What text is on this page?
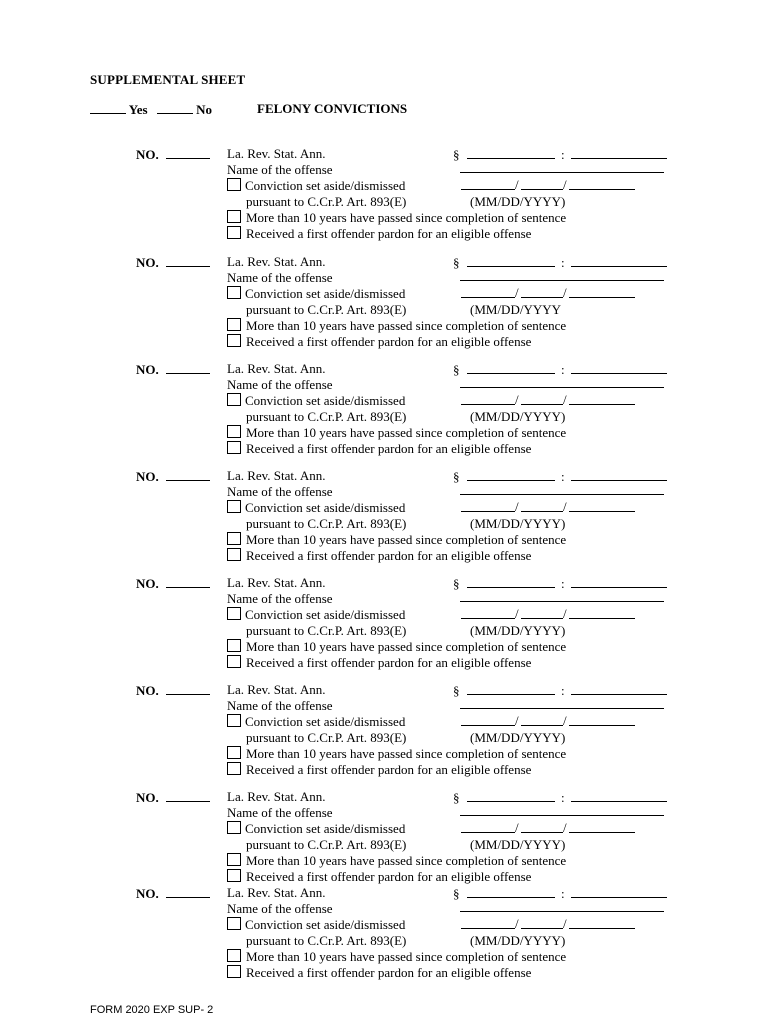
SUPPLEMENTAL SHEET
Yes	No	FELONY CONVICTIONS
NO.	La. Rev. Stat. Ann.	§	:
Name of the offense
Conviction set aside/dismissed	/	/
pursuant to C.Cr.P. Art. 893(E)	(MM/DD/YYYY)
More than 10 years have passed since completion of sentence
Received a first offender pardon for an eligible offense
NO.	La. Rev. Stat. Ann.	§	:
Name of the offense
Conviction set aside/dismissed	/	/
pursuant to C.Cr.P. Art. 893(E)	(MM/DD/YYYY
More than 10 years have passed since completion of sentence
Received a first offender pardon for an eligible offense
NO.	La. Rev. Stat. Ann.	§	:
Name of the offense
Conviction set aside/dismissed	/	/
pursuant to C.Cr.P. Art. 893(E)	(MM/DD/YYYY)
More than 10 years have passed since completion of sentence
Received a first offender pardon for an eligible offense
NO.	La. Rev. Stat. Ann.	§	:
Name of the offense
Conviction set aside/dismissed	/	/
pursuant to C.Cr.P. Art. 893(E)	(MM/DD/YYYY)
More than 10 years have passed since completion of sentence
Received a first offender pardon for an eligible offense
NO.	La. Rev. Stat. Ann.	§	:
Name of the offense
Conviction set aside/dismissed	/	/
pursuant to C.Cr.P. Art. 893(E)	(MM/DD/YYYY)
More than 10 years have passed since completion of sentence
Received a first offender pardon for an eligible offense
NO.	La. Rev. Stat. Ann.	§	:
Name of the offense
Conviction set aside/dismissed	/	/
pursuant to C.Cr.P. Art. 893(E)	(MM/DD/YYYY)
More than 10 years have passed since completion of sentence
Received a first offender pardon for an eligible offense
NO.	La. Rev. Stat. Ann.	§	:
Name of the offense
Conviction set aside/dismissed	/	/
pursuant to C.Cr.P. Art. 893(E)	(MM/DD/YYYY)
More than 10 years have passed since completion of sentence
Received a first offender pardon for an eligible offense
NO.	La. Rev. Stat. Ann.	§	:
Name of the offense
Conviction set aside/dismissed	/	/
pursuant to C.Cr.P. Art. 893(E)	(MM/DD/YYYY)
More than 10 years have passed since completion of sentence
Received a first offender pardon for an eligible offense
FORM 2020 EXP SUP- 2
